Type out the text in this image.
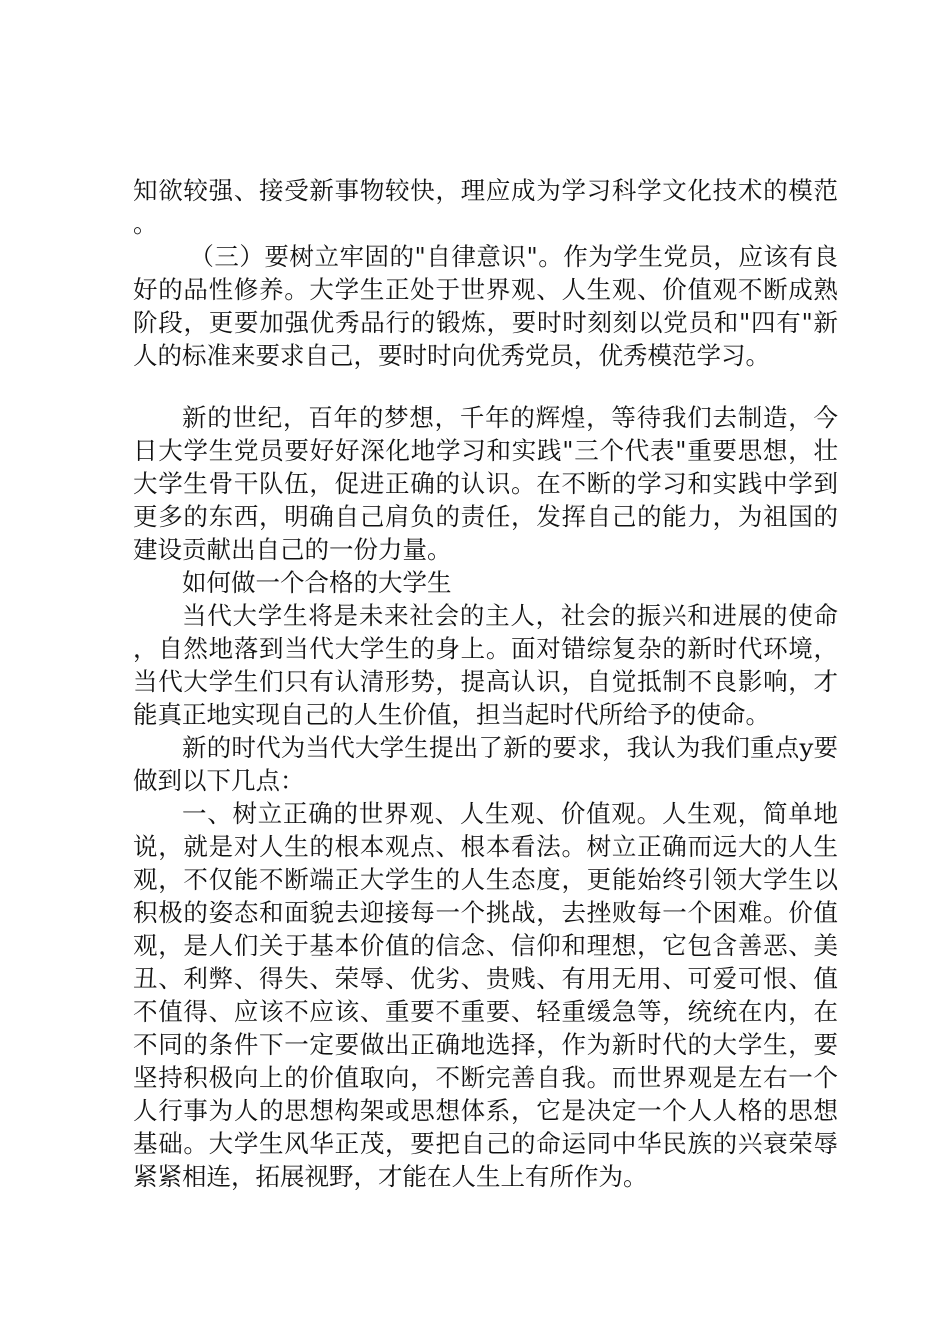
知欲较强、接受新事物较快，理应成为学习科学文化技术的模范。

（三）要树立牢固的"自律意识"。作为学生党员，应该有良好的品性修养。大学生正处于世界观、人生观、价值观不断成熟阶段，更要加强优秀品行的锻炼，要时时刻刻以党员和"四有"新人的标准来要求自己，要时时向优秀党员，优秀模范学习。

新的世纪，百年的梦想，千年的辉煌，等待我们去制造，今日大学生党员要好好深化地学习和实践"三个代表"重要思想，壮大学生骨干队伍，促进正确的认识。在不断的学习和实践中学到更多的东西，明确自己肩负的责任，发挥自己的能力，为祖国的建设贡献出自己的一份力量。

如何做一个合格的大学生

当代大学生将是未来社会的主人，社会的振兴和进展的使命，自然地落到当代大学生的身上。面对错综复杂的新时代环境，当代大学生们只有认清形势，提高认识，自觉抵制不良影响，才能真正地实现自己的人生价值，担当起时代所给予的使命。

新的时代为当代大学生提出了新的要求，我认为我们重点y要做到以下几点：

一、树立正确的世界观、人生观、价值观。人生观，简单地说，就是对人生的根本观点、根本看法。树立正确而远大的人生观，不仅能不断端正大学生的人生态度，更能始终引领大学生以积极的姿态和面貌去迎接每一个挑战，去挫败每一个困难。价值观，是人们关于基本价值的信念、信仰和理想，它包含善恶、美丑、利弊、得失、荣辱、优劣、贵贱、有用无用、可爱可恨、值不值得、应该不应该、重要不重要、轻重缓急等，统统在内，在不同的条件下一定要做出正确地选择，作为新时代的大学生，要坚持积极向上的价值取向，不断完善自我。而世界观是左右一个人行事为人的思想构架或思想体系，它是决定一个人人格的思想基础。大学生风华正茂，要把自己的命运同中华民族的兴衰荣辱紧紧相连，拓展视野，才能在人生上有所作为。
